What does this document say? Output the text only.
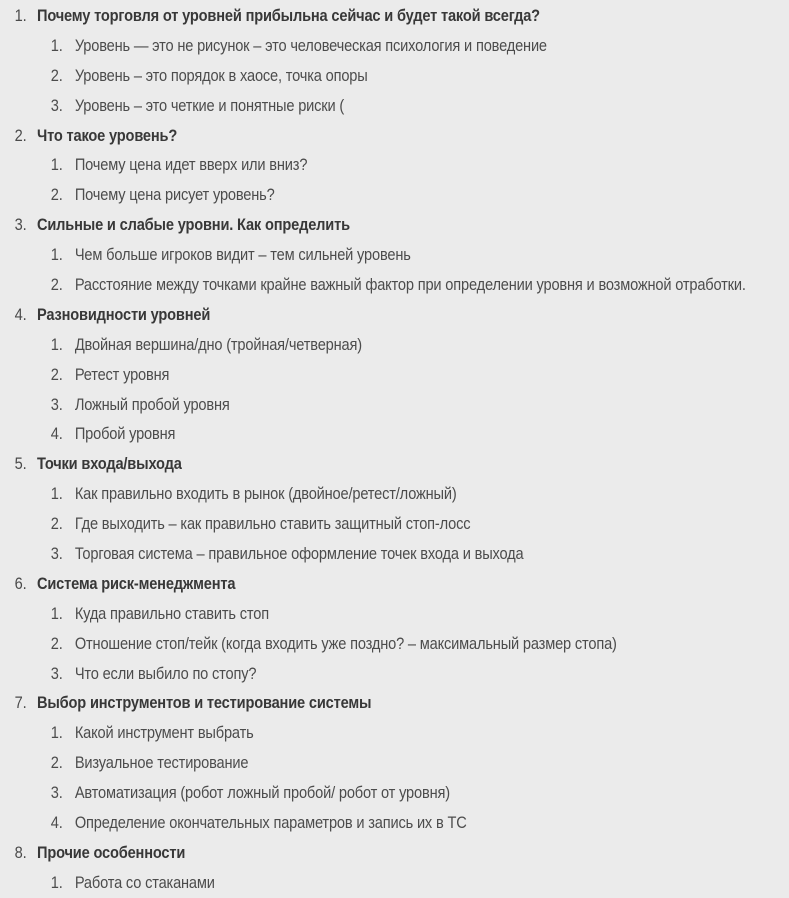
1. Почему торговля от уровней прибыльна сейчас и будет такой всегда?
1. Уровень — это не рисунок – это человеческая психология и поведение
2. Уровень – это порядок в хаосе, точка опоры
3. Уровень – это четкие и понятные риски (
2. Что такое уровень?
1. Почему цена идет вверх или вниз?
2. Почему цена рисует уровень?
3. Сильные и слабые уровни. Как определить
1. Чем больше игроков видит – тем сильней уровень
2. Расстояние между точками крайне важный фактор при определении уровня и возможной отработки.
4. Разновидности уровней
1. Двойная вершина/дно (тройная/четверная)
2. Ретест уровня
3. Ложный пробой уровня
4. Пробой уровня
5. Точки входа/выхода
1. Как правильно входить в рынок (двойное/ретест/ложный)
2. Где выходить – как правильно ставить защитный стоп-лосс
3. Торговая система – правильное оформление точек входа и выхода
6. Система риск-менеджмента
1. Куда правильно ставить стоп
2. Отношение стоп/тейк (когда входить уже поздно? – максимальный размер стопа)
3. Что если выбило по стопу?
7. Выбор инструментов и тестирование системы
1. Какой инструмент выбрать
2. Визуальное тестирование
3. Автоматизация (робот ложный пробой/ робот от уровня)
4. Определение окончательных параметров и запись их в ТС
8. Прочие особенности
1. Работа со стаканами
